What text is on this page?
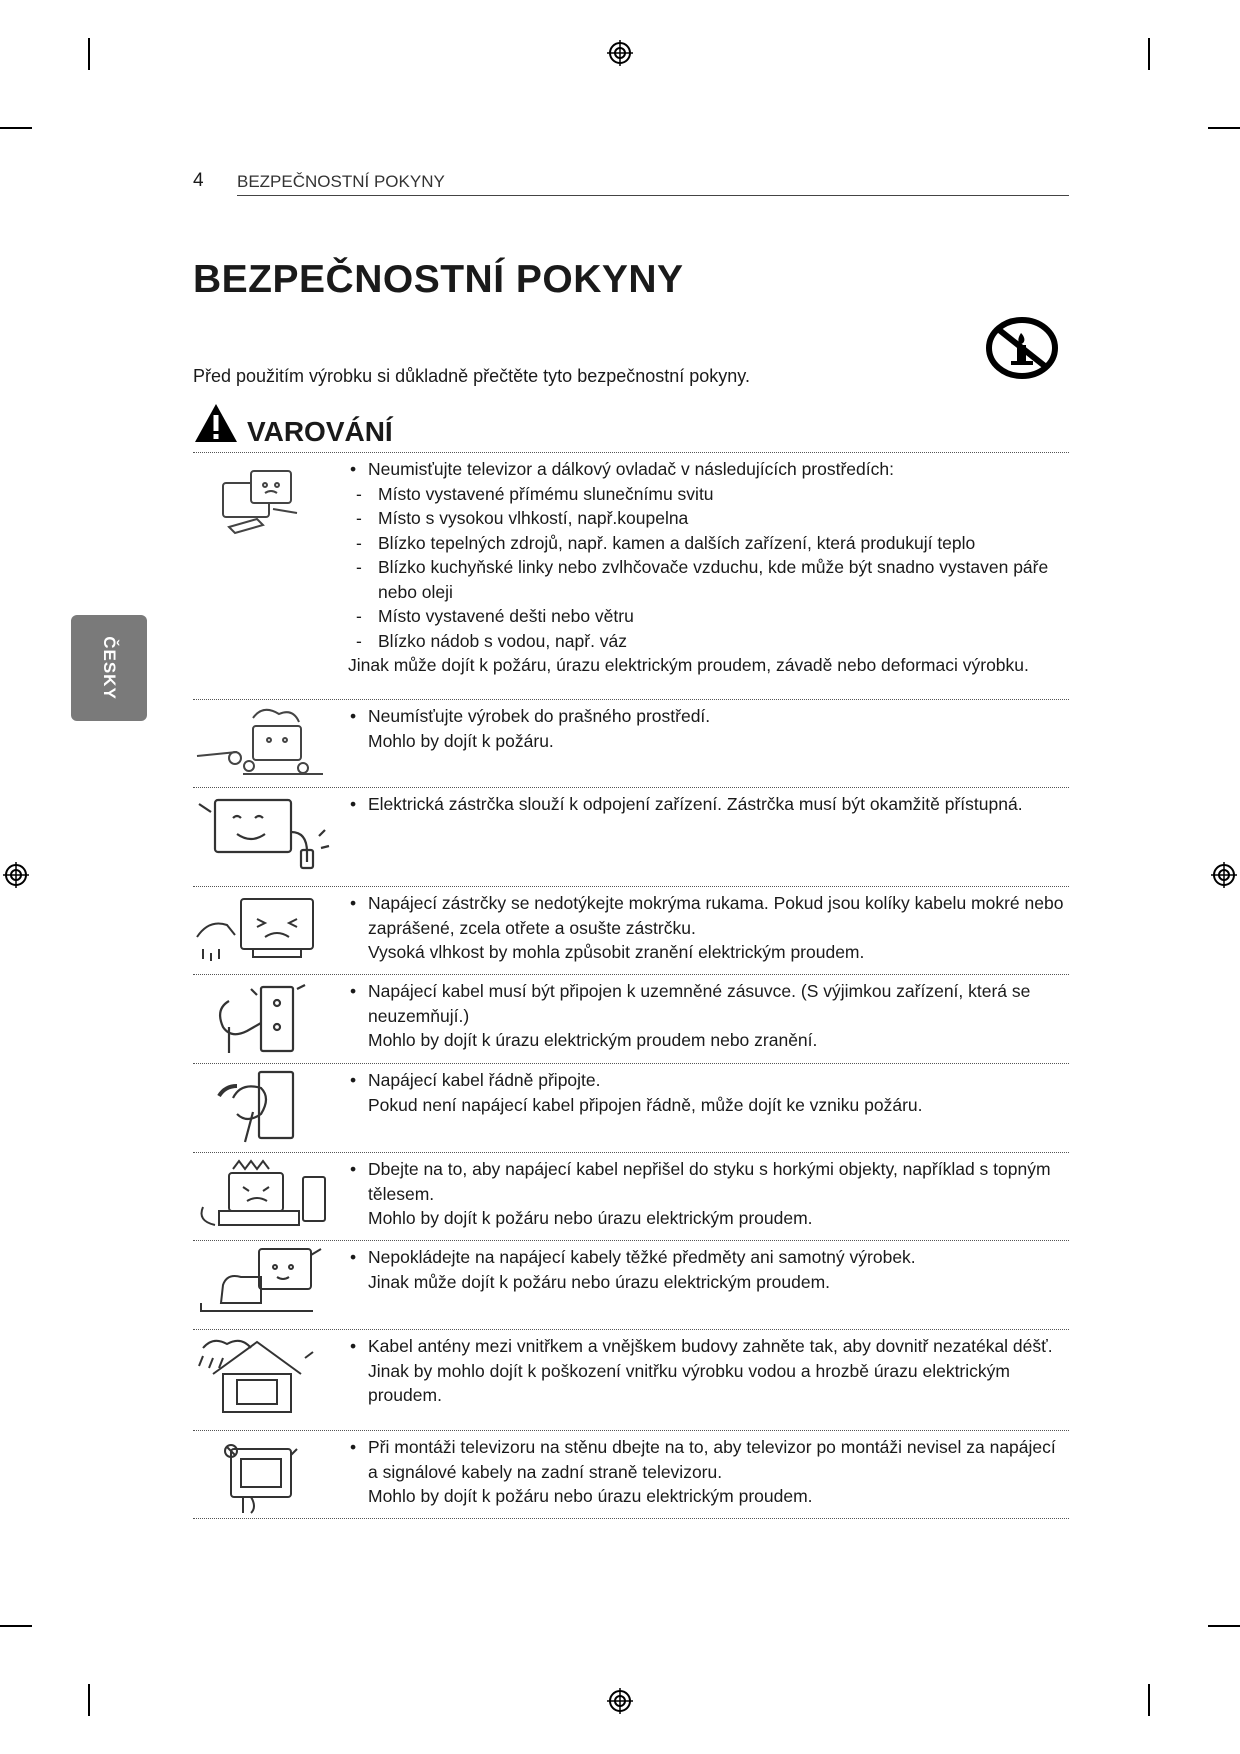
4 BEZPEČNOSTNÍ POKYNY
BEZPEČNOSTNÍ POKYNY
Před použitím výrobku si důkladně přečtěte tyto bezpečnostní pokyny.
VAROVÁNÍ
ČESKY
• Neumisťujte televizor a dálkový ovladač v následujících prostředích:
- Místo vystavené přímému slunečnímu svitu
- Místo s vysokou vlhkostí, např.koupelna
- Blízko tepelných zdrojů, např. kamen a dalších zařízení, která produkují teplo
- Blízko kuchyňské linky nebo zvlhčovače vzduchu, kde může být snadno vystaven páře nebo oleji
- Místo vystavené dešti nebo větru
- Blízko nádob s vodou, např. váz
Jinak může dojít k požáru, úrazu elektrickým proudem, závadě nebo deformaci výrobku.
• Neumísťujte výrobek do prašného prostředí.
Mohlo by dojít k požáru.
• Elektrická zástrčka slouží k odpojení zařízení. Zástrčka musí být okamžitě přístupná.
• Napájecí zástrčky se nedotýkejte mokrýma rukama. Pokud jsou kolíky kabelu mokré nebo zaprášené, zcela otřete a osušte zástrčku.
Vysoká vlhkost by mohla způsobit zranění elektrickým proudem.
• Napájecí kabel musí být připojen k uzemněné zásuvce. (S výjimkou zařízení, která se neuzemňují.)
Mohlo by dojít k úrazu elektrickým proudem nebo zranění.
• Napájecí kabel řádně připojte.
Pokud není napájecí kabel připojen řádně, může dojít ke vzniku požáru.
• Dbejte na to, aby napájecí kabel nepřišel do styku s horkými objekty, například s topným tělesem.
Mohlo by dojít k požáru nebo úrazu elektrickým proudem.
• Nepokládejte na napájecí kabely těžké předměty ani samotný výrobek.
Jinak může dojít k požáru nebo úrazu elektrickým proudem.
• Kabel antény mezi vnitřkem a vnějškem budovy zahněte tak, aby dovnitř nezatékal déšť.
Jinak by mohlo dojít k poškození vnitřku výrobku vodou a hrozbě úrazu elektrickým proudem.
• Při montáži televizoru na stěnu dbejte na to, aby televizor po montáži nevisel za napájecí a signálové kabely na zadní straně televizoru.
Mohlo by dojít k požáru nebo úrazu elektrickým proudem.
